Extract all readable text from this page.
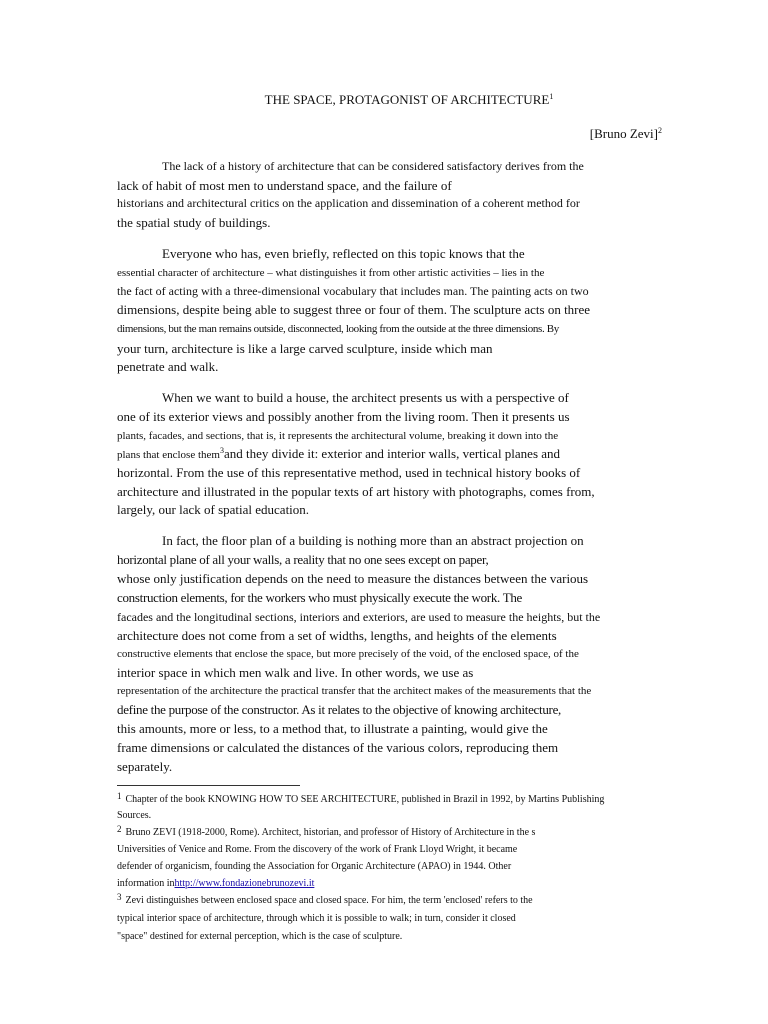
THE SPACE, PROTAGONIST OF ARCHITECTURE$^1$
[Bruno Zevi]$^2$
The lack of a history of architecture that can be considered satisfactory derives from the
lack of habit of most men to understand space, and the failure of
historians and architectural critics on the application and dissemination of a coherent method for
the spatial study of buildings.
Everyone who has, even briefly, reflected on this topic knows that the
essential character of architecture – what distinguishes it from other artistic activities – lies in the
the fact of acting with a three-dimensional vocabulary that includes man. The painting acts on two
dimensions, despite being able to suggest three or four of them. The sculpture acts on three
dimensions, but the man remains outside, disconnected, looking from the outside at the three dimensions. By
your turn, architecture is like a large carved sculpture, inside which man
penetrate and walk.
When we want to build a house, the architect presents us with a perspective of
one of its exterior views and possibly another from the living room. Then it presents us
plants, facades, and sections, that is, it represents the architectural volume, breaking it down into the
plans that enclose them$^3$and they divide it: exterior and interior walls, vertical planes and
horizontal. From the use of this representative method, used in technical history books of
architecture and illustrated in the popular texts of art history with photographs, comes from,
largely, our lack of spatial education.
In fact, the floor plan of a building is nothing more than an abstract projection on
horizontal plane of all your walls, a reality that no one sees except on paper,
whose only justification depends on the need to measure the distances between the various
construction elements, for the workers who must physically execute the work. The
facades and the longitudinal sections, interiors and exteriors, are used to measure the heights, but the
architecture does not come from a set of widths, lengths, and heights of the elements
constructive elements that enclose the space, but more precisely of the void, of the enclosed space, of the
interior space in which men walk and live. In other words, we use as
representation of the architecture the practical transfer that the architect makes of the measurements that the
define the purpose of the constructor. As it relates to the objective of knowing architecture,
this amounts, more or less, to a method that, to illustrate a painting, would give the
frame dimensions or calculated the distances of the various colors, reproducing them
separately.
$^1$ Chapter of the book KNOWING HOW TO SEE ARCHITECTURE, published in Brazil in 1992, by Martins Publishing
Sources.
$^2$ Bruno ZEVI (1918-2000, Rome). Architect, historian, and professor of History of Architecture in the s
Universities of Venice and Rome. From the discovery of the work of Frank Lloyd Wright, it became
defender of organicism, founding the Association for Organic Architecture (APAO) in 1944. Other
information inhttp://www.fondazionebrunozevi.it
$^3$ Zevi distinguishes between enclosed space and closed space. For him, the term 'enclosed' refers to the
typical interior space of architecture, through which it is possible to walk; in turn, consider it closed
"space" destined for external perception, which is the case of sculpture.
